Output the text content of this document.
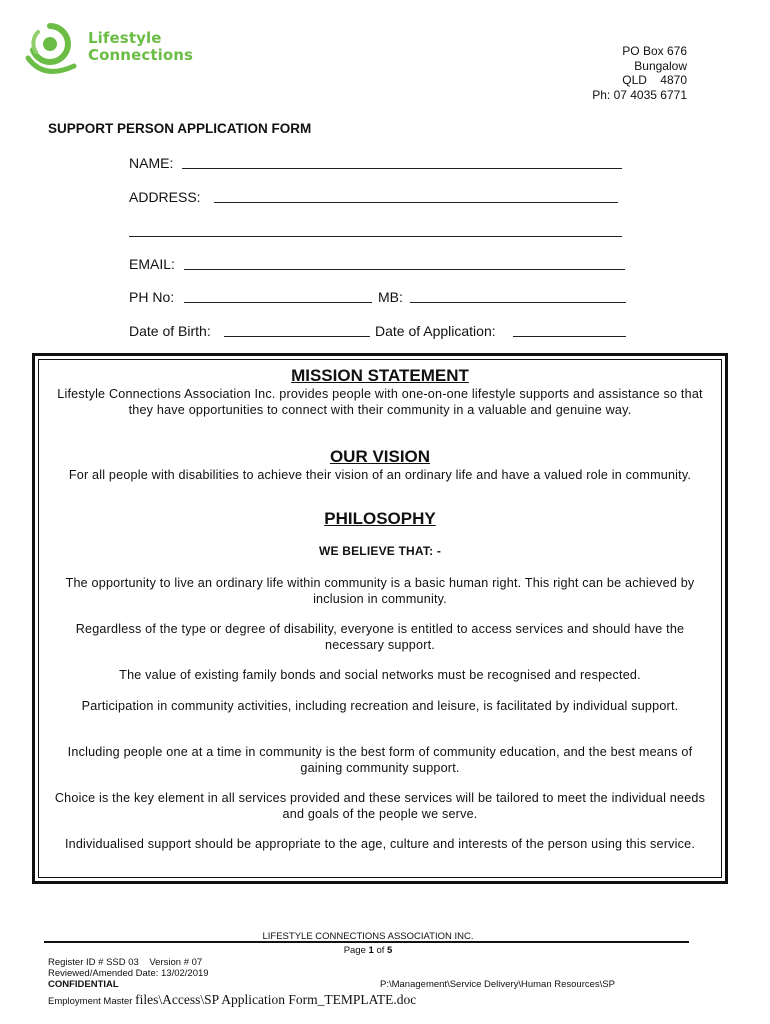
Lifestyle
Connections	PO Box 676
Bungalow
QLD    4870
Ph: 07 4035 6771
SUPPORT PERSON APPLICATION FORM
NAME:
ADDRESS:
EMAIL:
PH No:	MB:
Date of Birth:	Date of Application:
MISSION STATEMENT
Lifestyle Connections Association Inc. provides people with one-on-one lifestyle supports and assistance so that they have opportunities to connect with their community in a valuable and genuine way.
OUR VISION
For all people with disabilities to achieve their vision of an ordinary life and have a valued role in community.
PHILOSOPHY
WE BELIEVE THAT: -
The opportunity to live an ordinary life within community is a basic human right. This right can be achieved by inclusion in community.
Regardless of the type or degree of disability, everyone is entitled to access services and should have the necessary support.
The value of existing family bonds and social networks must be recognised and respected.
Participation in community activities, including recreation and leisure, is facilitated by individual support.
Including people one at a time in community is the best form of community education, and the best means of gaining community support.
Choice is the key element in all services provided and these services will be tailored to meet the individual needs and goals of the people we serve.
Individualised support should be appropriate to the age, culture and interests of the person using this service.
LIFESTYLE CONNECTIONS ASSOCIATION INC.
Page 1 of 5
Register ID # SSD 03    Version # 07
Reviewed/Amended Date: 13/02/2019
CONFIDENTIAL	P:\Management\Service Delivery\Human Resources\SP
Employment Master files\Access\SP Application Form_TEMPLATE.doc
